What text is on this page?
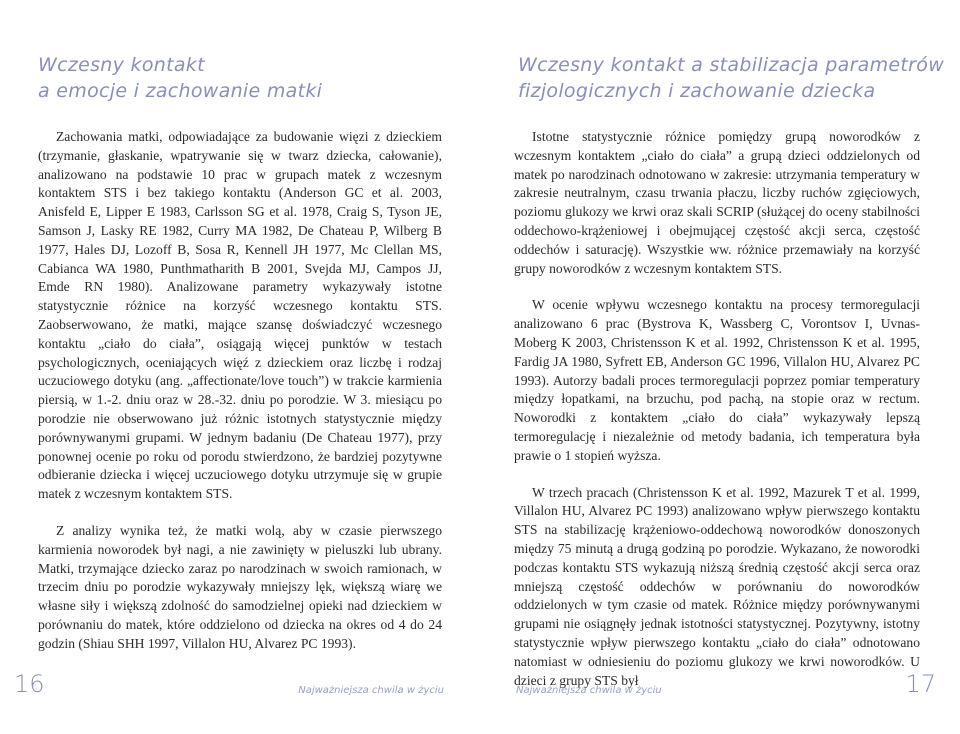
Wczesny kontakt
a emocje i zachowanie matki

Zachowania matki, odpowiadające za budowanie więzi z dzieckiem (trzymanie, głaskanie, wpatrywanie się w twarz dziecka, całowanie), analizowano na podstawie 10 prac w grupach matek z wczesnym kontaktem STS i bez takiego kontaktu (Anderson GC et al. 2003, Anisfeld E, Lipper E 1983, Carlsson SG et al. 1978, Craig S, Tyson JE, Samson J, Lasky RE 1982, Curry MA 1982, De Chateau P, Wilberg B 1977, Hales DJ, Lozoff B, Sosa R, Kennell JH 1977, Mc Clellan MS, Cabianca WA 1980, Punthmatharith B 2001, Svejda MJ, Campos JJ, Emde RN 1980). Analizowane parametry wykazywały istotne statystycznie różnice na korzyść wczesnego kontaktu STS. Zaobserwowano, że matki, mające szansę doświadczyć wczesnego kontaktu „ciało do ciała”, osiągają więcej punktów w testach psychologicznych, oceniających więź z dzieckiem oraz liczbę i rodzaj uczuciowego dotyku (ang. „affectionate/love touch”) w trakcie karmienia piersią, w 1.-2. dniu oraz w 28.-32. dniu po porodzie. W 3. miesiącu po porodzie nie obserwowano już różnic istotnych statystycznie między porównywanymi grupami. W jednym badaniu (De Chateau 1977), przy ponownej ocenie po roku od porodu stwierdzono, że bardziej pozytywne odbieranie dziecka i więcej uczuciowego dotyku utrzymuje się w grupie matek z wczesnym kontaktem STS.

Z analizy wynika też, że matki wolą, aby w czasie pierwszego karmienia noworodek był nagi, a nie zawinięty w pieluszki lub ubrany. Matki, trzymające dziecko zaraz po narodzinach w swoich ramionach, w trzecim dniu po porodzie wykazywały mniejszy lęk, większą wiarę we własne siły i większą zdolność do samodzielnej opieki nad dzieckiem w porównaniu do matek, które oddzielono od dziecka na okres od 4 do 24 godzin (Shiau SHH 1997, Villalon HU, Alvarez PC 1993).

16	Najważniejsza chwila w życiu
Wczesny kontakt a stabilizacja parametrów
fizjologicznych i zachowanie dziecka

Istotne statystycznie różnice pomiędzy grupą noworodków z wczesnym kontaktem „ciało do ciała” a grupą dzieci oddzielonych od matek po narodzinach odnotowano w zakresie: utrzymania temperatury w zakresie neutralnym, czasu trwania płaczu, liczby ruchów zgięciowych, poziomu glukozy we krwi oraz skali SCRIP (służącej do oceny stabilności oddechowo-krążeniowej i obejmującej częstość akcji serca, częstość oddechów i saturację). Wszystkie ww. różnice przemawiały na korzyść grupy noworodków z wczesnym kontaktem STS.

W ocenie wpływu wczesnego kontaktu na procesy termoregulacji analizowano 6 prac (Bystrova K, Wassberg C, Vorontsov I, Uvnas-Moberg K 2003, Christensson K et al. 1992, Christensson K et al. 1995, Fardig JA 1980, Syfrett EB, Anderson GC 1996, Villalon HU, Alvarez PC 1993). Autorzy badali proces termoregulacji poprzez pomiar temperatury między łopatkami, na brzuchu, pod pachą, na stopie oraz w rectum. Noworodki z kontaktem „ciało do ciała” wykazywały lepszą termoregulację i niezależnie od metody badania, ich temperatura była prawie o 1 stopień wyższa.

W trzech pracach (Christensson K et al. 1992, Mazurek T et al. 1999, Villalon HU, Alvarez PC 1993) analizowano wpływ pierwszego kontaktu STS na stabilizację krążeniowo-oddechową noworodków donoszonych między 75 minutą a drugą godziną po porodzie. Wykazano, że noworodki podczas kontaktu STS wykazują niższą średnią częstość akcji serca oraz mniejszą częstość oddechów w porównaniu do noworodków oddzielonych w tym czasie od matek. Różnice między porównywanymi grupami nie osiągnęły jednak istotności statystycznej. Pozytywny, istotny statystycznie wpływ pierwszego kontaktu „ciało do ciała” odnotowano natomiast w odniesieniu do poziomu glukozy we krwi noworodków. U dzieci z grupy STS był

Najważniejsza chwila w życiu	17
